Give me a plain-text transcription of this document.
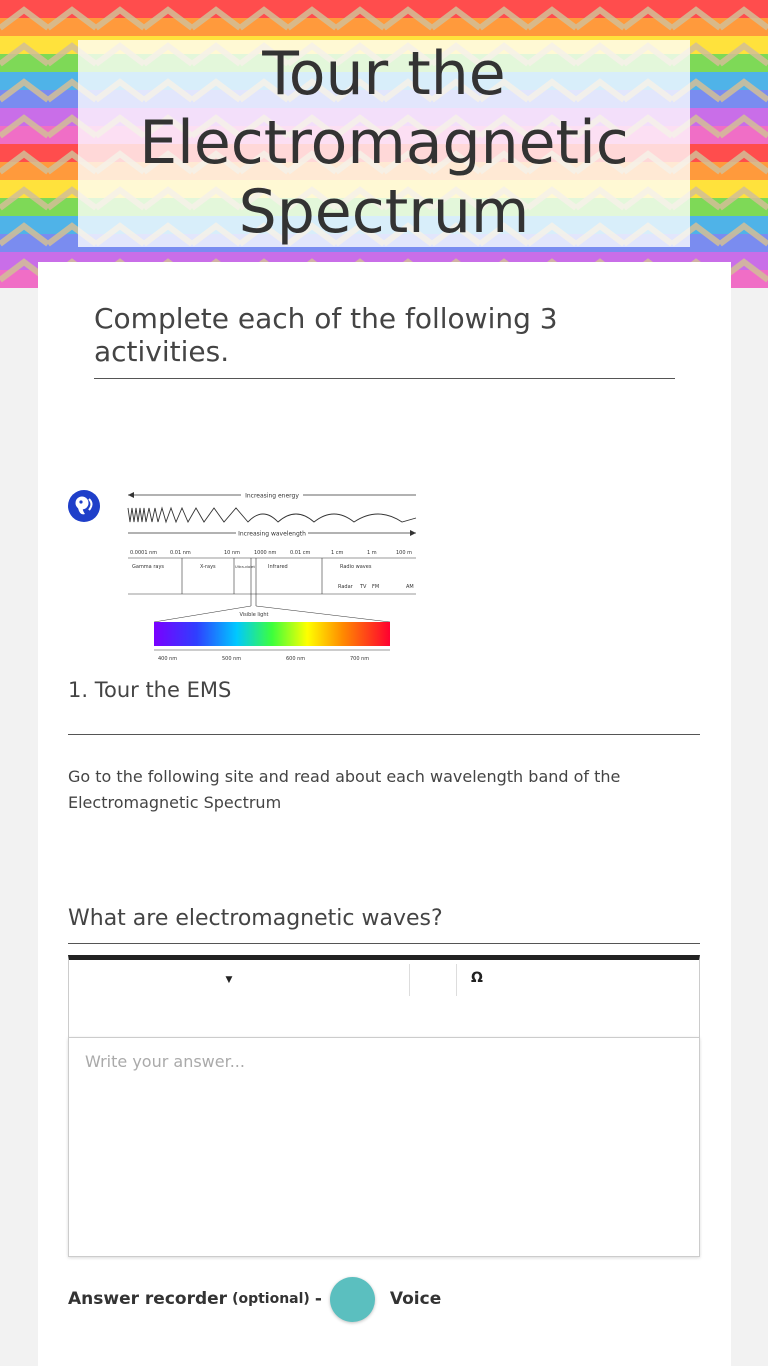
Tour the Electromagnetic Spectrum
Complete each of the following 3 activities.
Increasing energy
Increasing wavelength
0.0001 nm	0.01 nm	10 nm	1000 nm	0.01 cm	1 cm	1 m	100 m
Gamma rays	X-rays	Ultra-violet	Infrared	Radio waves
Radar TV FM	AM
Visible light
400 nm	500 nm	600 nm	700 nm
1. Tour the EMS

Go to the following site and read about each wavelength band of the Electromagnetic Spectrum

What are electromagnetic waves?
▼	Ω
Write your answer...
Answer recorder (optional) -	Voice
